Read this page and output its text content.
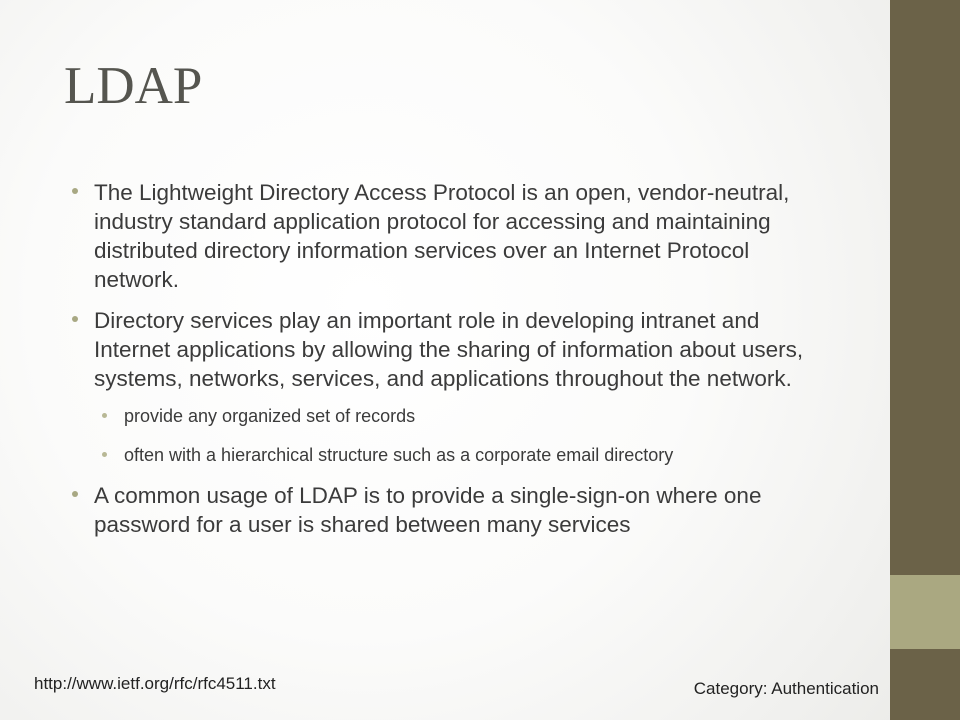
LDAP
The Lightweight Directory Access Protocol is an open, vendor-neutral, industry standard application protocol for accessing and maintaining distributed directory information services over an Internet Protocol network.
Directory services play an important role in developing intranet and Internet applications by allowing the sharing of information about users, systems, networks, services, and applications throughout the network.
provide any organized set of records
often with a hierarchical structure such as a corporate email directory
A common usage of LDAP is to provide a single-sign-on where one password for a user is shared between many services
http://www.ietf.org/rfc/rfc4511.txt	Category: Authentication
